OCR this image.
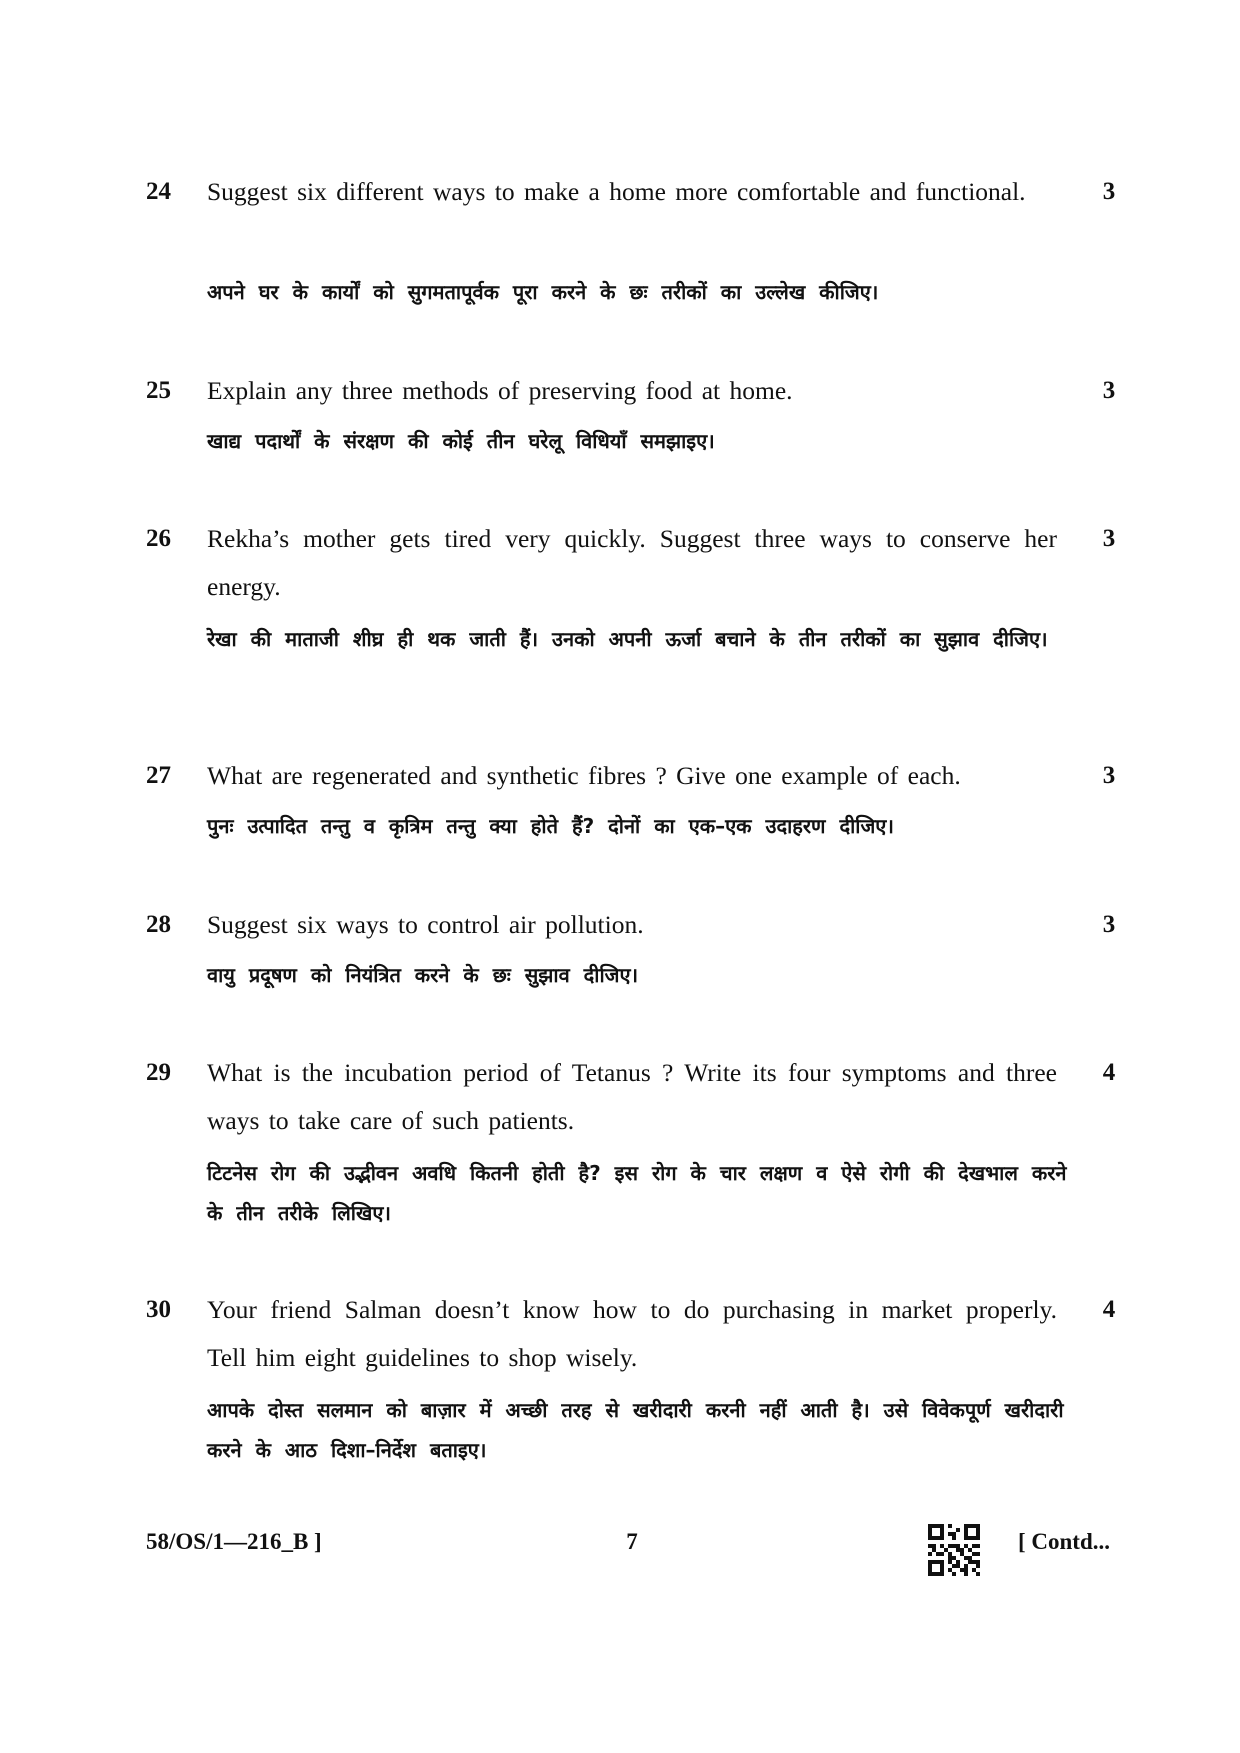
24 Suggest six different ways to make a home more comfortable and functional.
अपने घर के कार्यों को सुगमतापूर्वक पूरा करने के छः तरीकों का उल्लेख कीजिए।
3
25 Explain any three methods of preserving food at home.
खाद्य पदार्थों के संरक्षण की कोई तीन घरेलू विधियाँ समझाइए।
3
26 Rekha’s mother gets tired very quickly. Suggest three ways to conserve her energy.
रेखा की माताजी शीघ्र ही थक जाती हैं। उनको अपनी ऊर्जा बचाने के तीन तरीकों का सुझाव दीजिए।
3
27 What are regenerated and synthetic fibres ? Give one example of each.
पुनः उत्पादित तन्तु व कृत्रिम तन्तु क्या होते हैं? दोनों का एक–एक उदाहरण दीजिए।
3
28 Suggest six ways to control air pollution.
वायु प्रदूषण को नियंत्रित करने के छः सुझाव दीजिए।
3
29 What is the incubation period of Tetanus ? Write its four symptoms and three ways to take care of such patients.
टिटनेस रोग की उद्भीवन अवधि कितनी होती है? इस रोग के चार लक्षण व ऐसे रोगी की देखभाल करने के तीन तरीके लिखिए।
4
30 Your friend Salman doesn’t know how to do purchasing in market properly. Tell him eight guidelines to shop wisely.
आपके दोस्त सलमान को बाज़ार में अच्छी तरह से खरीदारी करनी नहीं आती है। उसे विवेकपूर्ण खरीदारी करने के आठ दिशा–निर्देश बताइए।
4
58/OS/1—216_B ]	7	[ Contd...
